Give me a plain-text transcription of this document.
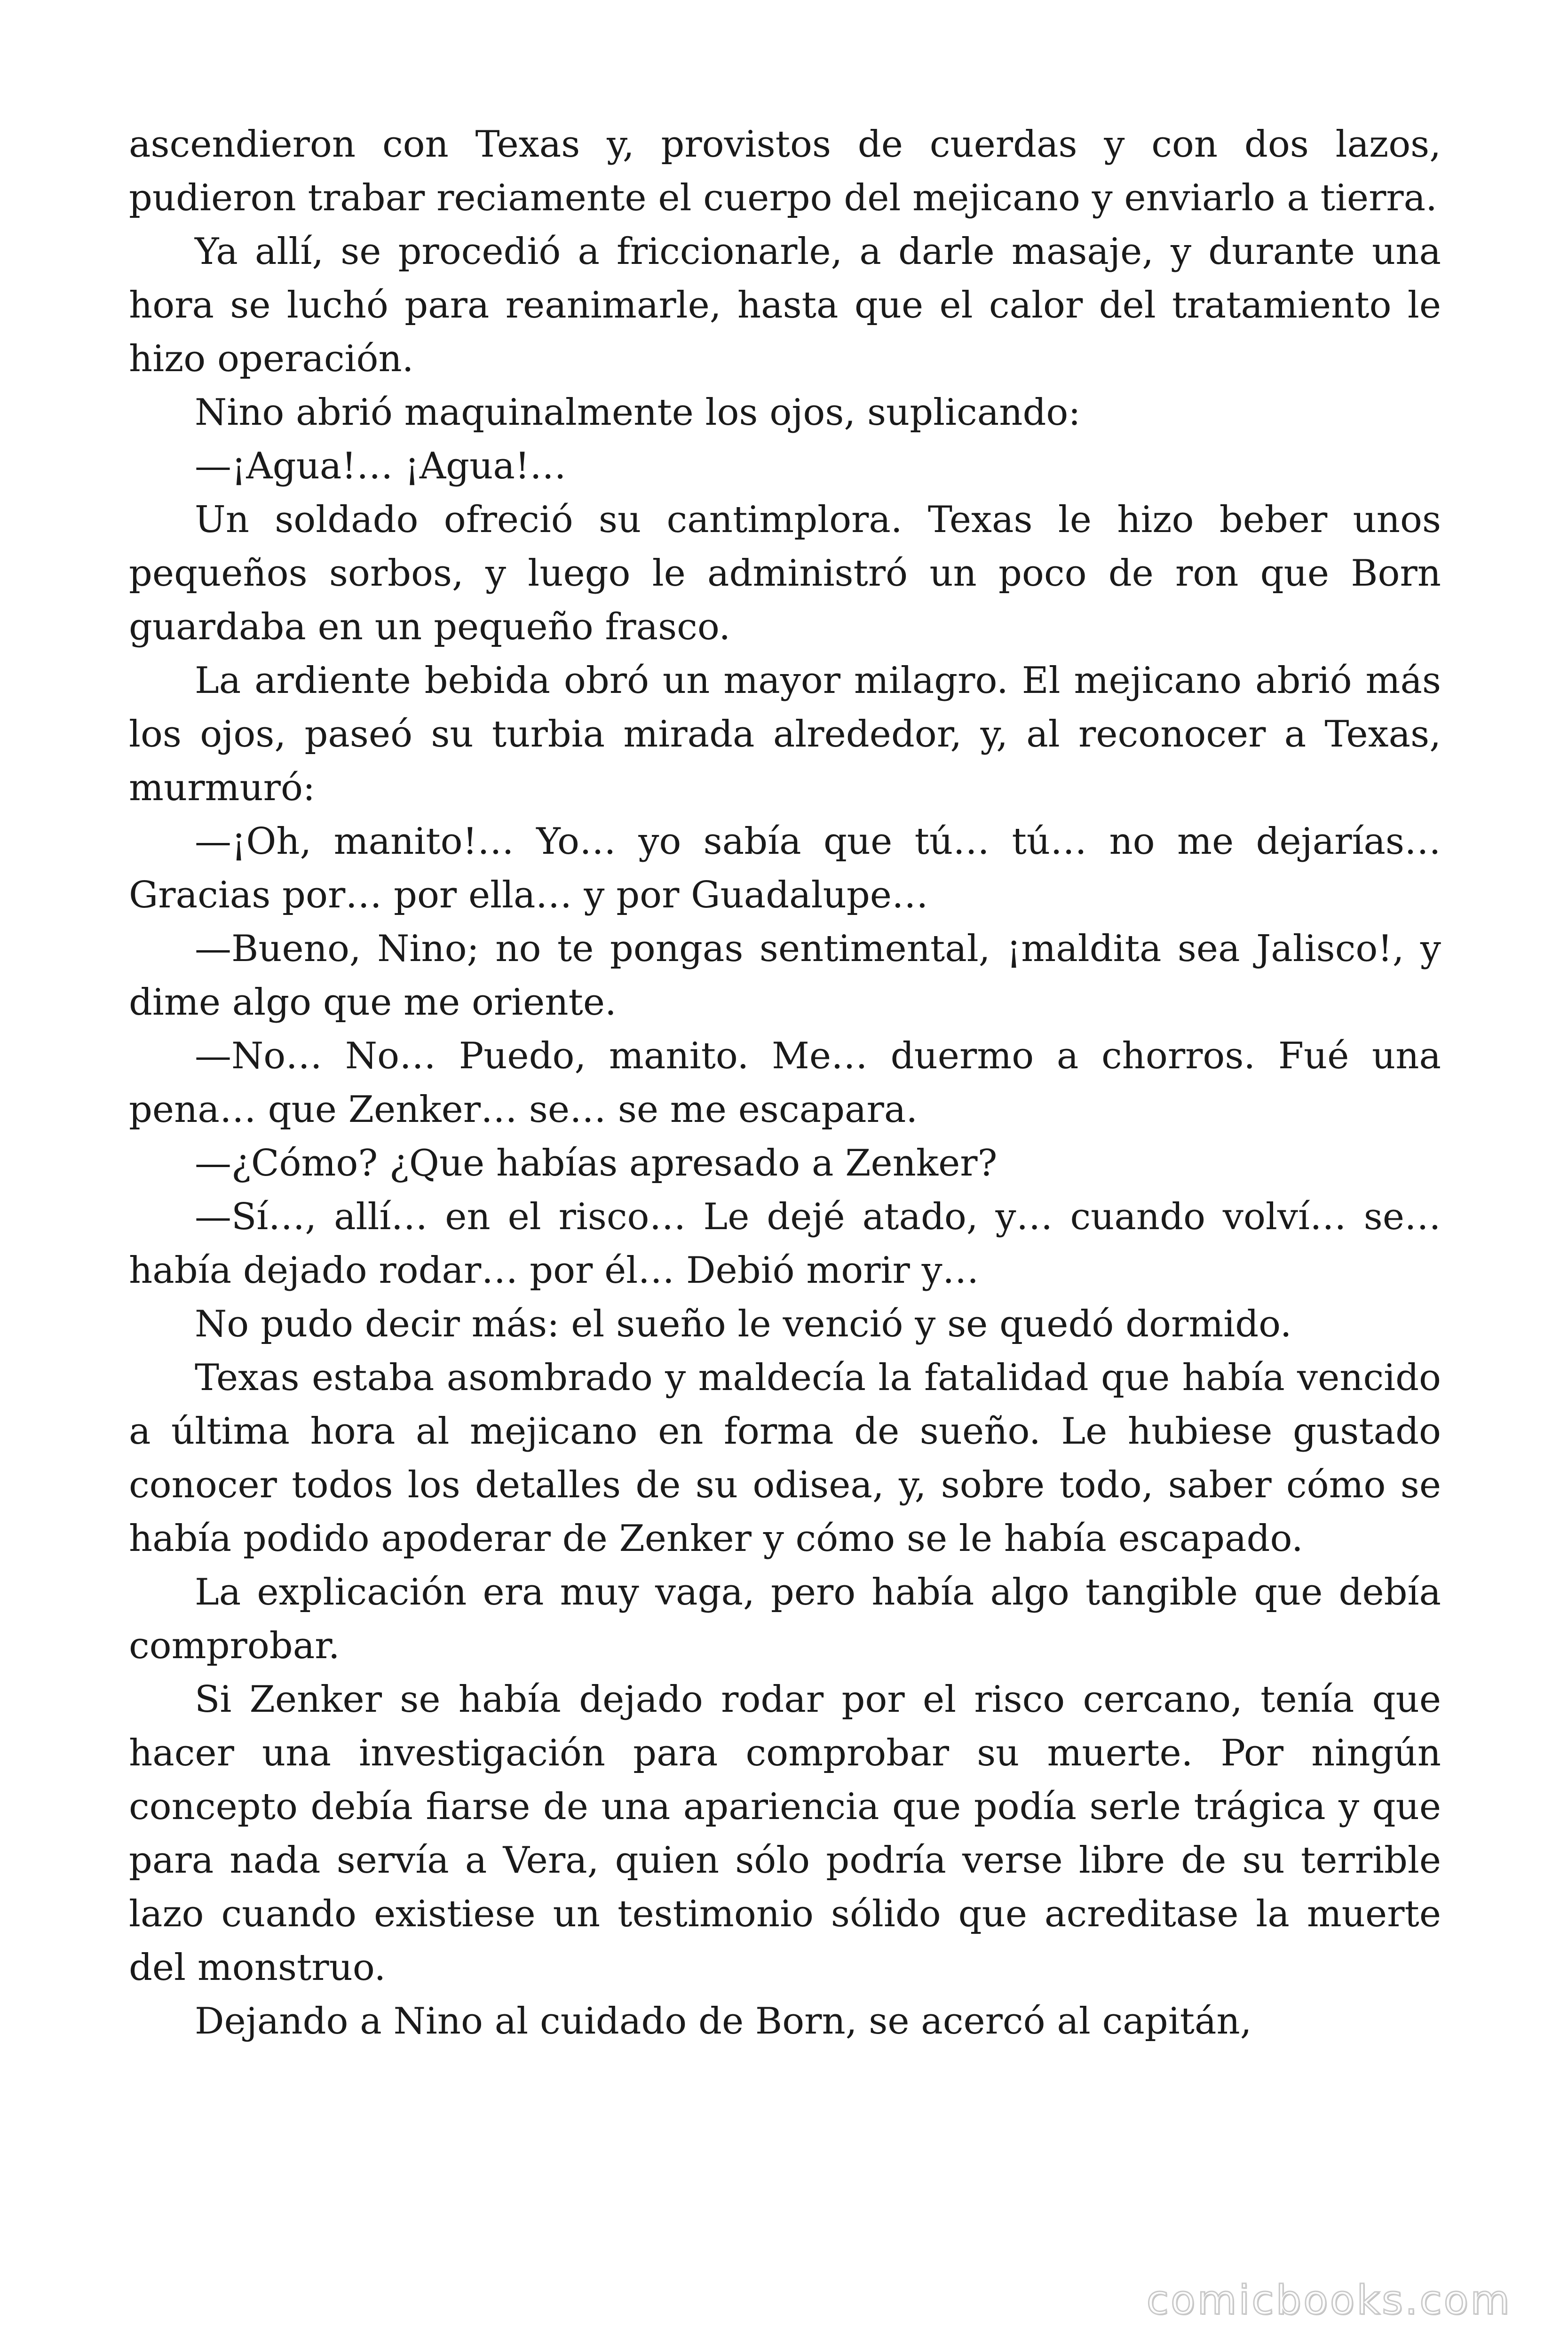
ascendieron con Texas y, provistos de cuerdas y con dos lazos, pudieron trabar reciamente el cuerpo del mejicano y enviarlo a tierra.

Ya allí, se procedió a friccionarle, a darle masaje, y durante una hora se luchó para reanimarle, hasta que el calor del tratamiento le hizo operación.

Nino abrió maquinalmente los ojos, suplicando:

—¡Agua!… ¡Agua!…

Un soldado ofreció su cantimplora. Texas le hizo beber unos pequeños sorbos, y luego le administró un poco de ron que Born guardaba en un pequeño frasco.

La ardiente bebida obró un mayor milagro. El mejicano abrió más los ojos, paseó su turbia mirada alrededor, y, al reconocer a Texas, murmuró:

—¡Oh, manito!… Yo… yo sabía que tú… tú… no me dejarías… Gracias por… por ella… y por Guadalupe…

—Bueno, Nino; no te pongas sentimental, ¡maldita sea Jalisco!, y dime algo que me oriente.

—No… No… Puedo, manito. Me… duermo a chorros. Fué una pena… que Zenker… se… se me escapara.

—¿Cómo? ¿Que habías apresado a Zenker?

—Sí…, allí… en el risco… Le dejé atado, y… cuando volví… se… había dejado rodar… por él… Debió morir y…

No pudo decir más: el sueño le venció y se quedó dormido.

Texas estaba asombrado y maldecía la fatalidad que había vencido a última hora al mejicano en forma de sueño. Le hubiese gustado conocer todos los detalles de su odisea, y, sobre todo, saber cómo se había podido apoderar de Zenker y cómo se le había escapado.

La explicación era muy vaga, pero había algo tangible que debía comprobar.

Si Zenker se había dejado rodar por el risco cercano, tenía que hacer una investigación para comprobar su muerte. Por ningún concepto debía fiarse de una apariencia que podía serle trágica y que para nada servía a Vera, quien sólo podría verse libre de su terrible lazo cuando existiese un testimonio sólido que acreditase la muerte del monstruo.

Dejando a Nino al cuidado de Born, se acercó al capitán,

comicbooks.com
